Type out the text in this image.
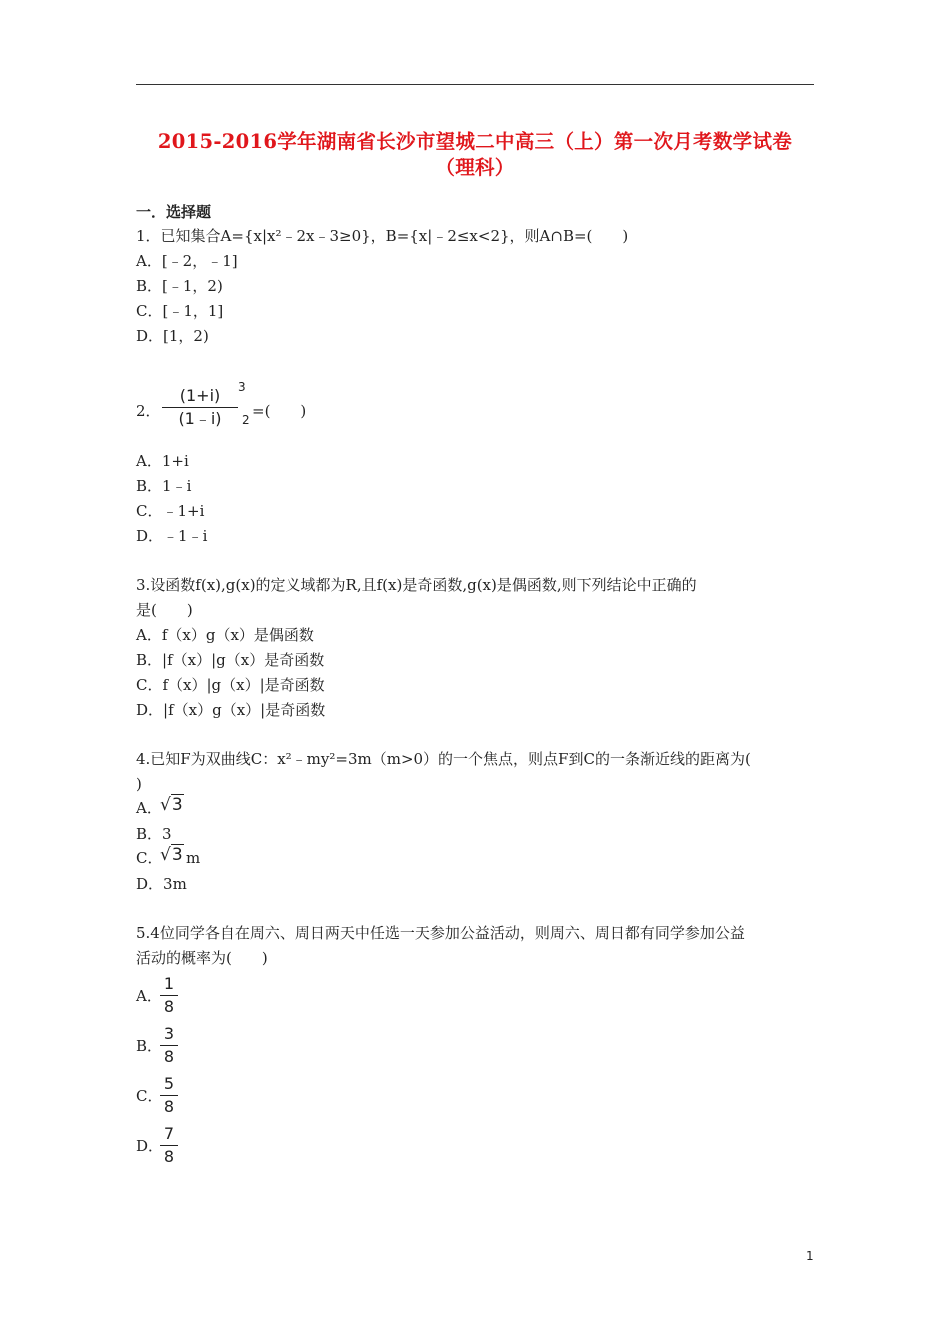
2015-2016学年湖南省长沙市望城二中高三（上）第一次月考数学试卷
（理科）
一．选择题
1．已知集合A={x|x²﹣2x﹣3≥0}，B={x|﹣2≤x<2}，则A∩B=(　　)
A．[﹣2，﹣1]
B．[﹣1，2)
C．[﹣1，1]
D．[1，2)
2．
(1+i)
(1﹣i)
3
2 =(　　)
A．1+i
B．1﹣i
C．﹣1+i
D．﹣1﹣i
3.设函数f(x),g(x)的定义域都为R,且f(x)是奇函数,g(x)是偶函数,则下列结论中正确的
是(　　)
A．f（x）g（x）是偶函数
B．|f（x）|g（x）是奇函数
C．f（x）|g（x）|是奇函数
D．|f（x）g（x）|是奇函数
4.已知F为双曲线C：x²﹣my²=3m（m>0）的一个焦点，则点F到C的一条渐近线的距离为(
)
A．
√3
B．3
C．
√3 m
D．3m
5.4位同学各自在周六、周日两天中任选一天参加公益活动，则周六、周日都有同学参加公益
活动的概率为(　　)
A．
1
8
B．
3
8
C．
5
8
D．
7
8
1
